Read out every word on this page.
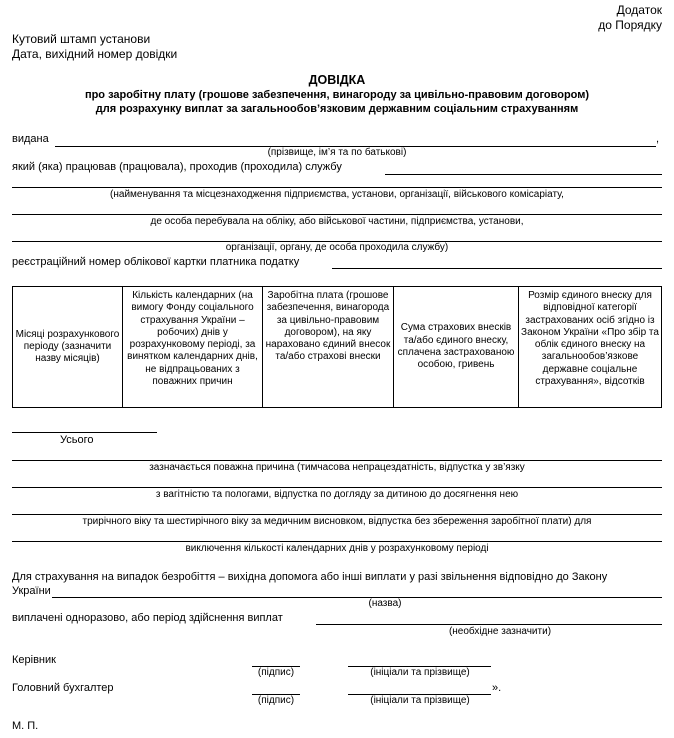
Додаток
до Порядку
Кутовий штамп установи
Дата, вихідний номер довідки
ДОВІДКА
про заробітну плату (грошове забезпечення, винагороду за цивільно-правовим договором)
для розрахунку виплат за загальнообов’язковим державним соціальним страхуванням
видана	,
(прізвище, ім’я та по батькові)
який (яка) працював (працювала), проходив (проходила) службу
(найменування та місцезнаходження підприємства, установи, організації, військового комісаріату,
де особа перебувала на обліку, або військової частини, підприємства, установи,
організації, органу, де особа проходила службу)
реєстраційний номер облікової картки платника податку
Місяці розрахункового періоду (зазначити назву місяців)	Кількість календарних (на вимогу Фонду соціального страхування України – робочих) днів у розрахунковому періоді, за винятком календарних днів, не відпрацьованих з поважних причин	Заробітна плата (грошове забезпечення, винагорода за цивільно-правовим договором), на яку нараховано єдиний внесок та/або страхові внески	Сума страхових внесків та/або єдиного внеску, сплачена застрахованою особою, гривень	Розмір єдиного внеску для відповідної категорії застрахованих осіб згідно із Законом України «Про збір та облік єдиного внеску на загальнообов’язкове державне соціальне страхування», відсотків
Усього
зазначається поважна причина (тимчасова непрацездатність, відпустка у зв’язку
з вагітністю та пологами, відпустка по догляду за дитиною до досягнення нею
трирічного віку та шестирічного віку за медичним висновком, відпустка без збереження заробітної плати) для
виключення кількості календарних днів у розрахунковому періоді
Для страхування на випадок безробіття – вихідна допомога або інші виплати у разі звільнення відповідно до Закону
України
(назва)
виплачені одноразово, або період здійснення виплат
(необхідне зазначити)
Керівник
(підпис)	(ініціали та прізвище)
Головний бухгалтер	».
(підпис)	(ініціали та прізвище)
М. П.
